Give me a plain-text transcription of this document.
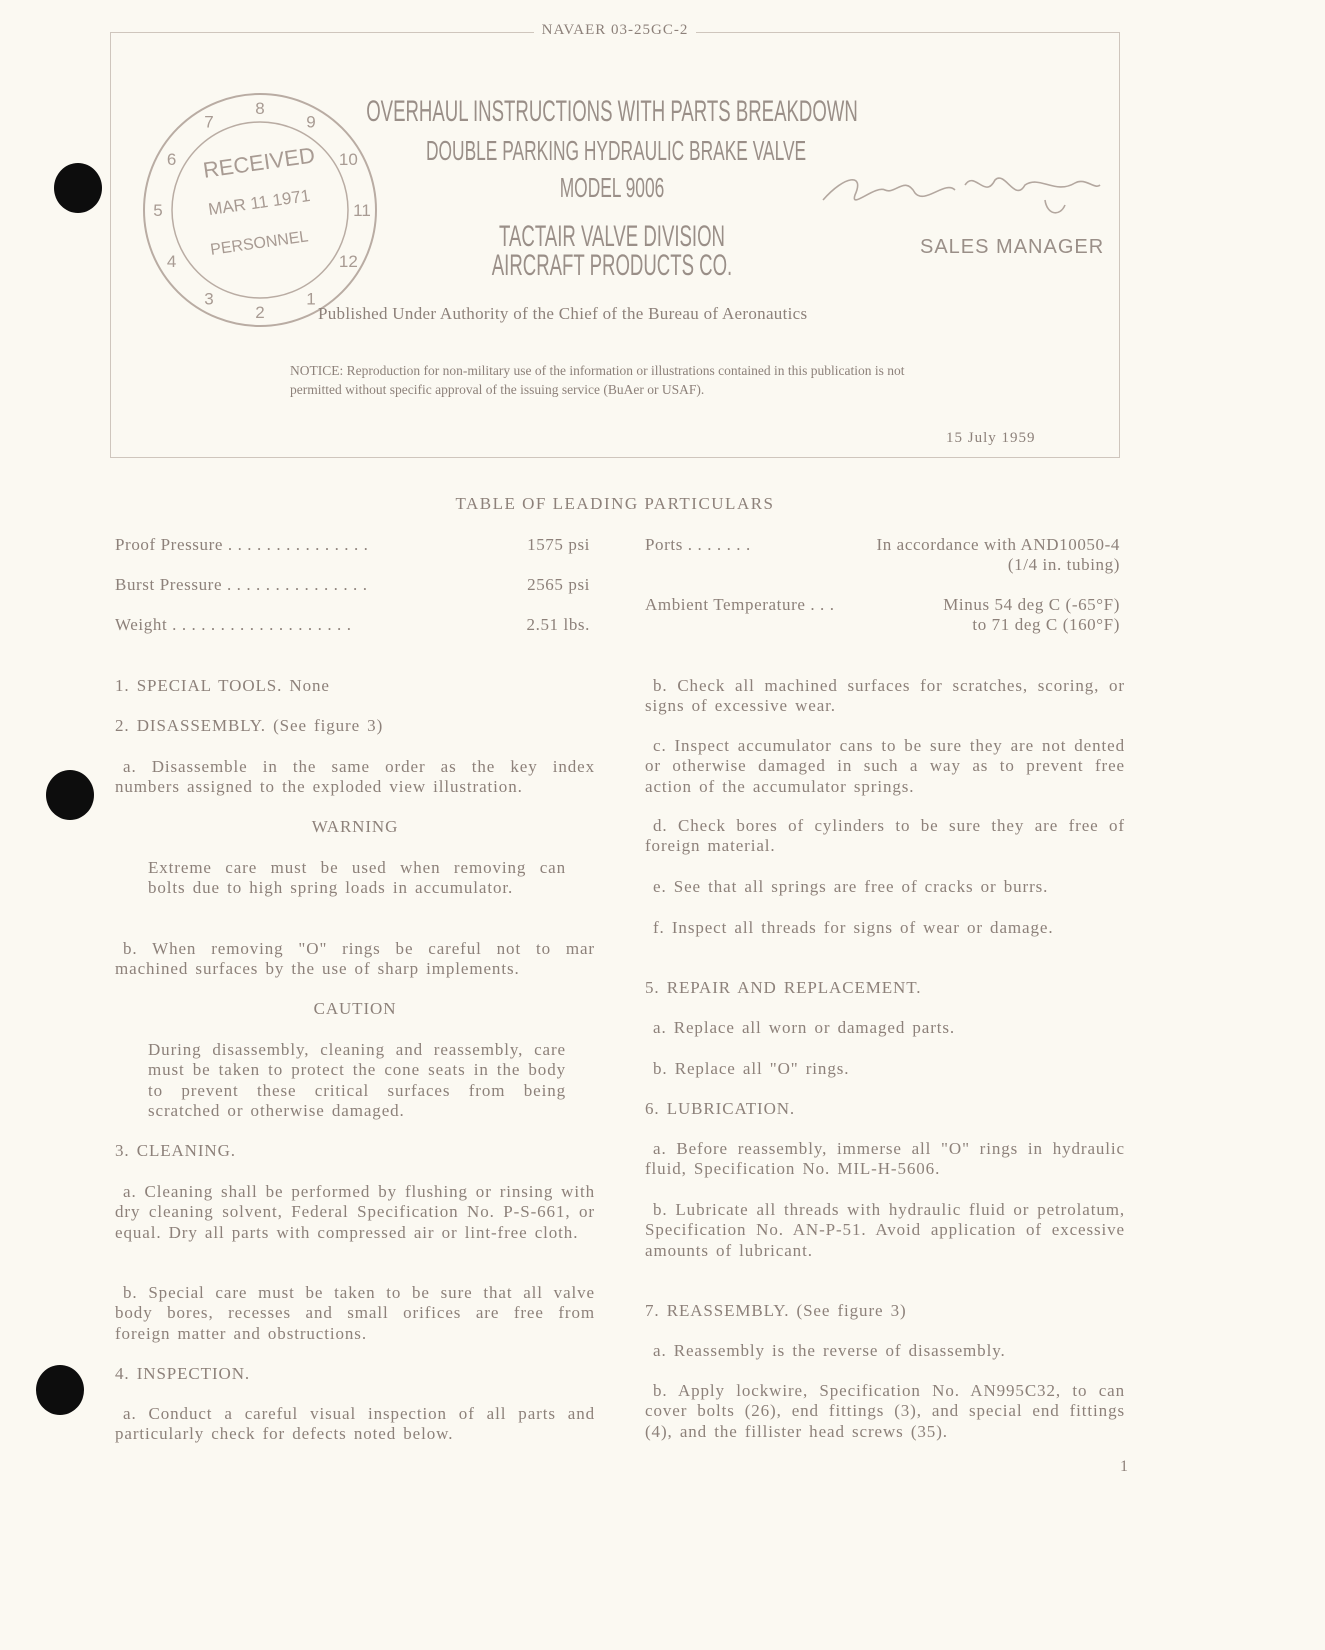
NAVAER 03-25GC-2
9
10
11
12
1
2
3
4
5
6
7
8
RECEIVED
MAR 11 1971
PERSONNEL
OVERHAUL INSTRUCTIONS WITH PARTS BREAKDOWN
DOUBLE PARKING HYDRAULIC BRAKE VALVE
MODEL 9006
TACTAIR VALVE DIVISION
AIRCRAFT PRODUCTS CO.
SALES MANAGER
Published Under Authority of the Chief of the Bureau of Aeronautics
NOTICE: Reproduction for non-military use of the information or illustrations contained in this publication is not permitted without specific approval of the issuing service (BuAer or USAF).
15 July 1959
TABLE OF LEADING PARTICULARS
Proof Pressure . . . . . . . . . . . . . . .	1575 psi
Burst Pressure . . . . . . . . . . . . . . .	2565 psi
Weight . . . . . . . . . . . . . . . . . . .	2.51 lbs.
Ports . . . . . . .	In accordance with AND10050-4
(1/4 in. tubing)
Ambient Temperature . . .	Minus 54 deg C (-65°F)
to 71 deg C (160°F)
1. SPECIAL TOOLS. None
2. DISASSEMBLY. (See figure 3)
a. Disassemble in the same order as the key index numbers assigned to the exploded view illustration.
WARNING
Extreme care must be used when removing can bolts due to high spring loads in accumulator.
b. When removing "O" rings be careful not to mar machined surfaces by the use of sharp implements.
CAUTION
During disassembly, cleaning and reassembly, care must be taken to protect the cone seats in the body to prevent these critical surfaces from being scratched or otherwise damaged.
3. CLEANING.
a. Cleaning shall be performed by flushing or rinsing with dry cleaning solvent, Federal Specification No. P-S-661, or equal. Dry all parts with compressed air or lint-free cloth.
b. Special care must be taken to be sure that all valve body bores, recesses and small orifices are free from foreign matter and obstructions.
4. INSPECTION.
a. Conduct a careful visual inspection of all parts and particularly check for defects noted below.
b. Check all machined surfaces for scratches, scoring, or signs of excessive wear.
c. Inspect accumulator cans to be sure they are not dented or otherwise damaged in such a way as to prevent free action of the accumulator springs.
d. Check bores of cylinders to be sure they are free of foreign material.
e. See that all springs are free of cracks or burrs.
f. Inspect all threads for signs of wear or damage.
5. REPAIR AND REPLACEMENT.
a. Replace all worn or damaged parts.
b. Replace all "O" rings.
6. LUBRICATION.
a. Before reassembly, immerse all "O" rings in hydraulic fluid, Specification No. MIL-H-5606.
b. Lubricate all threads with hydraulic fluid or petrolatum, Specification No. AN-P-51. Avoid application of excessive amounts of lubricant.
7. REASSEMBLY. (See figure 3)
a. Reassembly is the reverse of disassembly.
b. Apply lockwire, Specification No. AN995C32, to can cover bolts (26), end fittings (3), and special end fittings (4), and the fillister head screws (35).
1
